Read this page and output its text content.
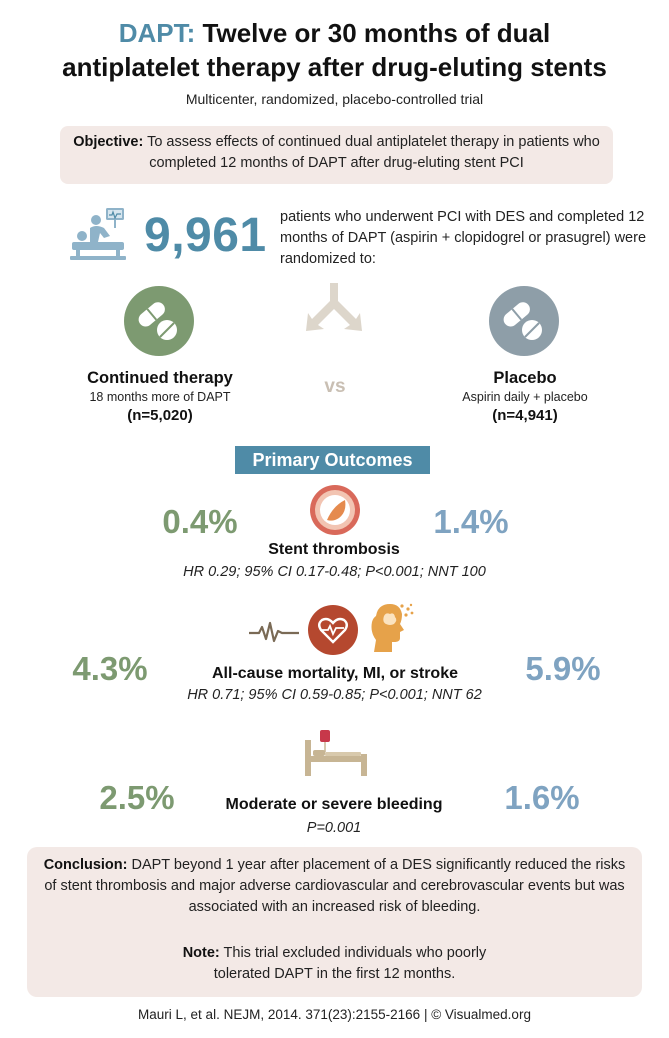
DAPT: Twelve or 30 months of dual
antiplatelet therapy after drug-eluting stents
Multicenter, randomized, placebo-controlled trial
Objective: To assess effects of continued dual antiplatelet therapy in patients who completed 12 months of DAPT after drug-eluting stent PCI
9,961 patients who underwent PCI with DES and completed 12 months of DAPT (aspirin + clopidogrel or prasugrel) were randomized to:
Continued therapy
18 months more of DAPT
(n=5,020)
vs	Placebo
Aspirin daily + placebo
(n=4,941)
Primary Outcomes
0.4%	1.4%
Stent thrombosis
HR 0.29; 95% CI 0.17-0.48; P<0.001; NNT 100
4.3%	5.9%
All-cause mortality, MI, or stroke
HR 0.71; 95% CI 0.59-0.85; P<0.001; NNT 62
2.5%	1.6%
Moderate or severe bleeding
P=0.001
Conclusion: DAPT beyond 1 year after placement of a DES significantly reduced the risks of stent thrombosis and major adverse cardiovascular and cerebrovascular events but was associated with an increased risk of bleeding.
Note: This trial excluded individuals who poorly
tolerated DAPT in the first 12 months.
Mauri L, et al. NEJM, 2014. 371(23):2155-2166 | © Visualmed.org
